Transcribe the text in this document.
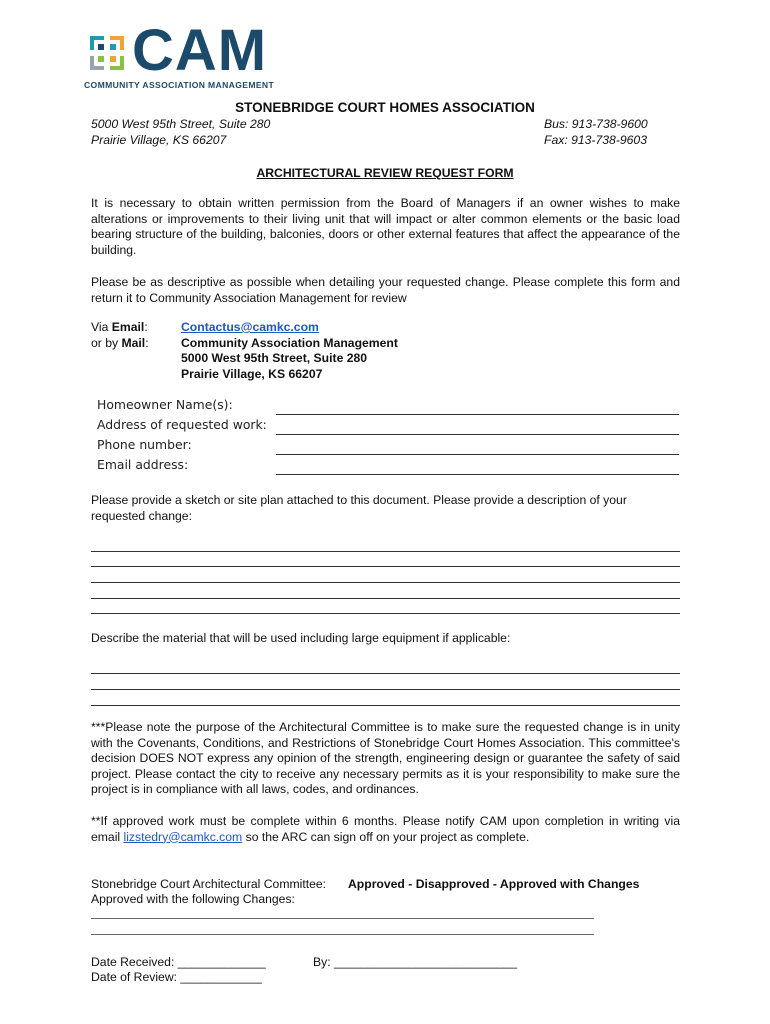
CAM
COMMUNITY ASSOCIATION MANAGEMENT
STONEBRIDGE COURT HOMES ASSOCIATION
5000 West 95th Street, Suite 280
Prairie Village, KS 66207
Bus: 913-738-9600
Fax: 913-738-9603
ARCHITECTURAL REVIEW REQUEST FORM
It is necessary to obtain written permission from the Board of Managers if an owner wishes to make alterations or improvements to their living unit that will impact or alter common elements or the basic load bearing structure of the building, balconies, doors or other external features that affect the appearance of the building.
Please be as descriptive as possible when detailing your requested change. Please complete this form and return it to Community Association Management for review
Via Email:	Contactus@camkc.com
or by Mail:	Community Association Management
5000 West 95th Street, Suite 280
Prairie Village, KS 66207
Homeowner Name(s):
Address of requested work:
Phone number:
Email address:
Please provide a sketch or site plan attached to this document. Please provide a description of your requested change:
Describe the material that will be used including large equipment if applicable:
***Please note the purpose of the Architectural Committee is to make sure the requested change is in unity with the Covenants, Conditions, and Restrictions of Stonebridge Court Homes Association. This committee's decision DOES NOT express any opinion of the strength, engineering design or guarantee the safety of said project. Please contact the city to receive any necessary permits as it is your responsibility to make sure the project is in compliance with all laws, codes, and ordinances.
**If approved work must be complete within 6 months. Please notify CAM upon completion in writing via email lizstedry@camkc.com so the ARC can sign off on your project as complete.
Stonebridge Court Architectural Committee: Approved - Disapproved - Approved with Changes
Approved with the following Changes:
Date Received: _____________	By: ___________________________
Date of Review: ____________
